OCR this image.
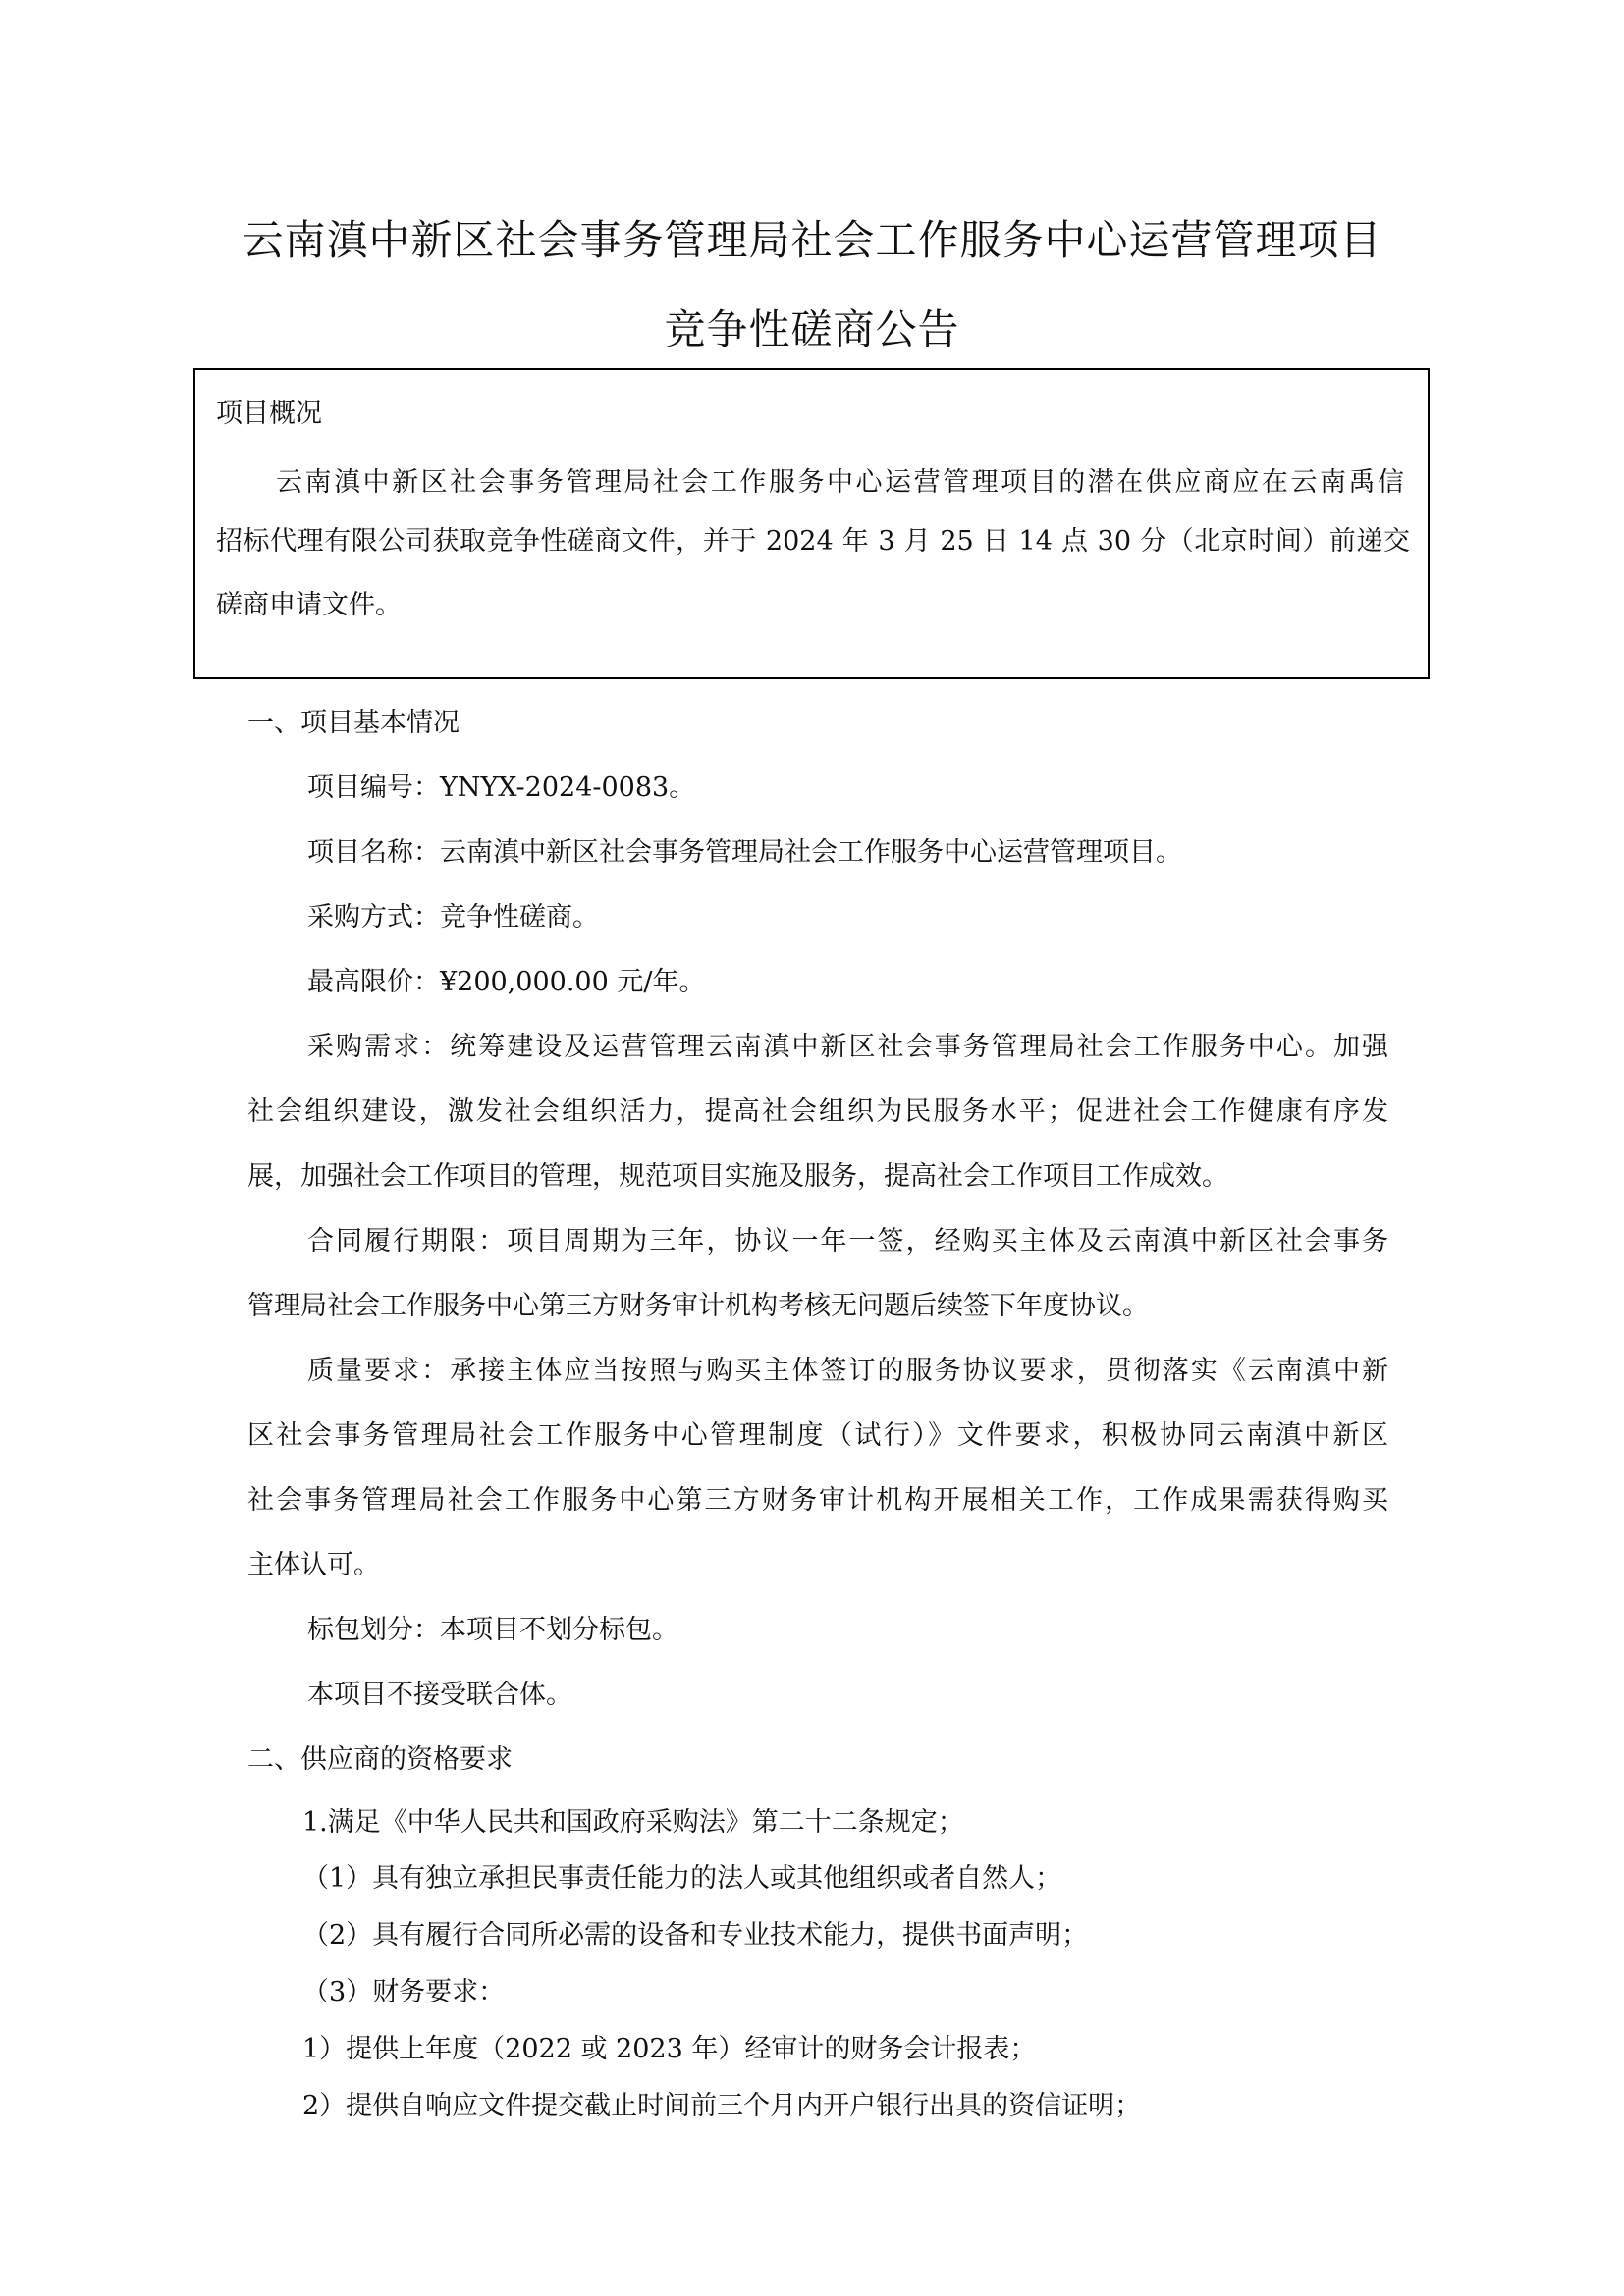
云南滇中新区社会事务管理局社会工作服务中心运营管理项目
竞争性磋商公告
项目概况
云南滇中新区社会事务管理局社会工作服务中心运营管理项目的潜在供应商应在云南禹信
招标代理有限公司获取竞争性磋商文件，并于 2024 年 3 月 25 日 14 点 30 分（北京时间）前递交
磋商申请文件。
一、项目基本情况
项目编号：YNYX-2024-0083。
项目名称：云南滇中新区社会事务管理局社会工作服务中心运营管理项目。
采购方式：竞争性磋商。
最高限价：¥200,000.00 元/年。
采购需求：统筹建设及运营管理云南滇中新区社会事务管理局社会工作服务中心。加强
社会组织建设，激发社会组织活力，提高社会组织为民服务水平；促进社会工作健康有序发
展，加强社会工作项目的管理，规范项目实施及服务，提高社会工作项目工作成效。
合同履行期限：项目周期为三年，协议一年一签，经购买主体及云南滇中新区社会事务
管理局社会工作服务中心第三方财务审计机构考核无问题后续签下年度协议。
质量要求：承接主体应当按照与购买主体签订的服务协议要求，贯彻落实《云南滇中新
区社会事务管理局社会工作服务中心管理制度（试行）》文件要求，积极协同云南滇中新区
社会事务管理局社会工作服务中心第三方财务审计机构开展相关工作，工作成果需获得购买
主体认可。
标包划分：本项目不划分标包。
本项目不接受联合体。
二、供应商的资格要求
1.满足《中华人民共和国政府采购法》第二十二条规定；
（1）具有独立承担民事责任能力的法人或其他组织或者自然人；
（2）具有履行合同所必需的设备和专业技术能力，提供书面声明；
（3）财务要求：
1）提供上年度（2022 或 2023 年）经审计的财务会计报表；
2）提供自响应文件提交截止时间前三个月内开户银行出具的资信证明；
